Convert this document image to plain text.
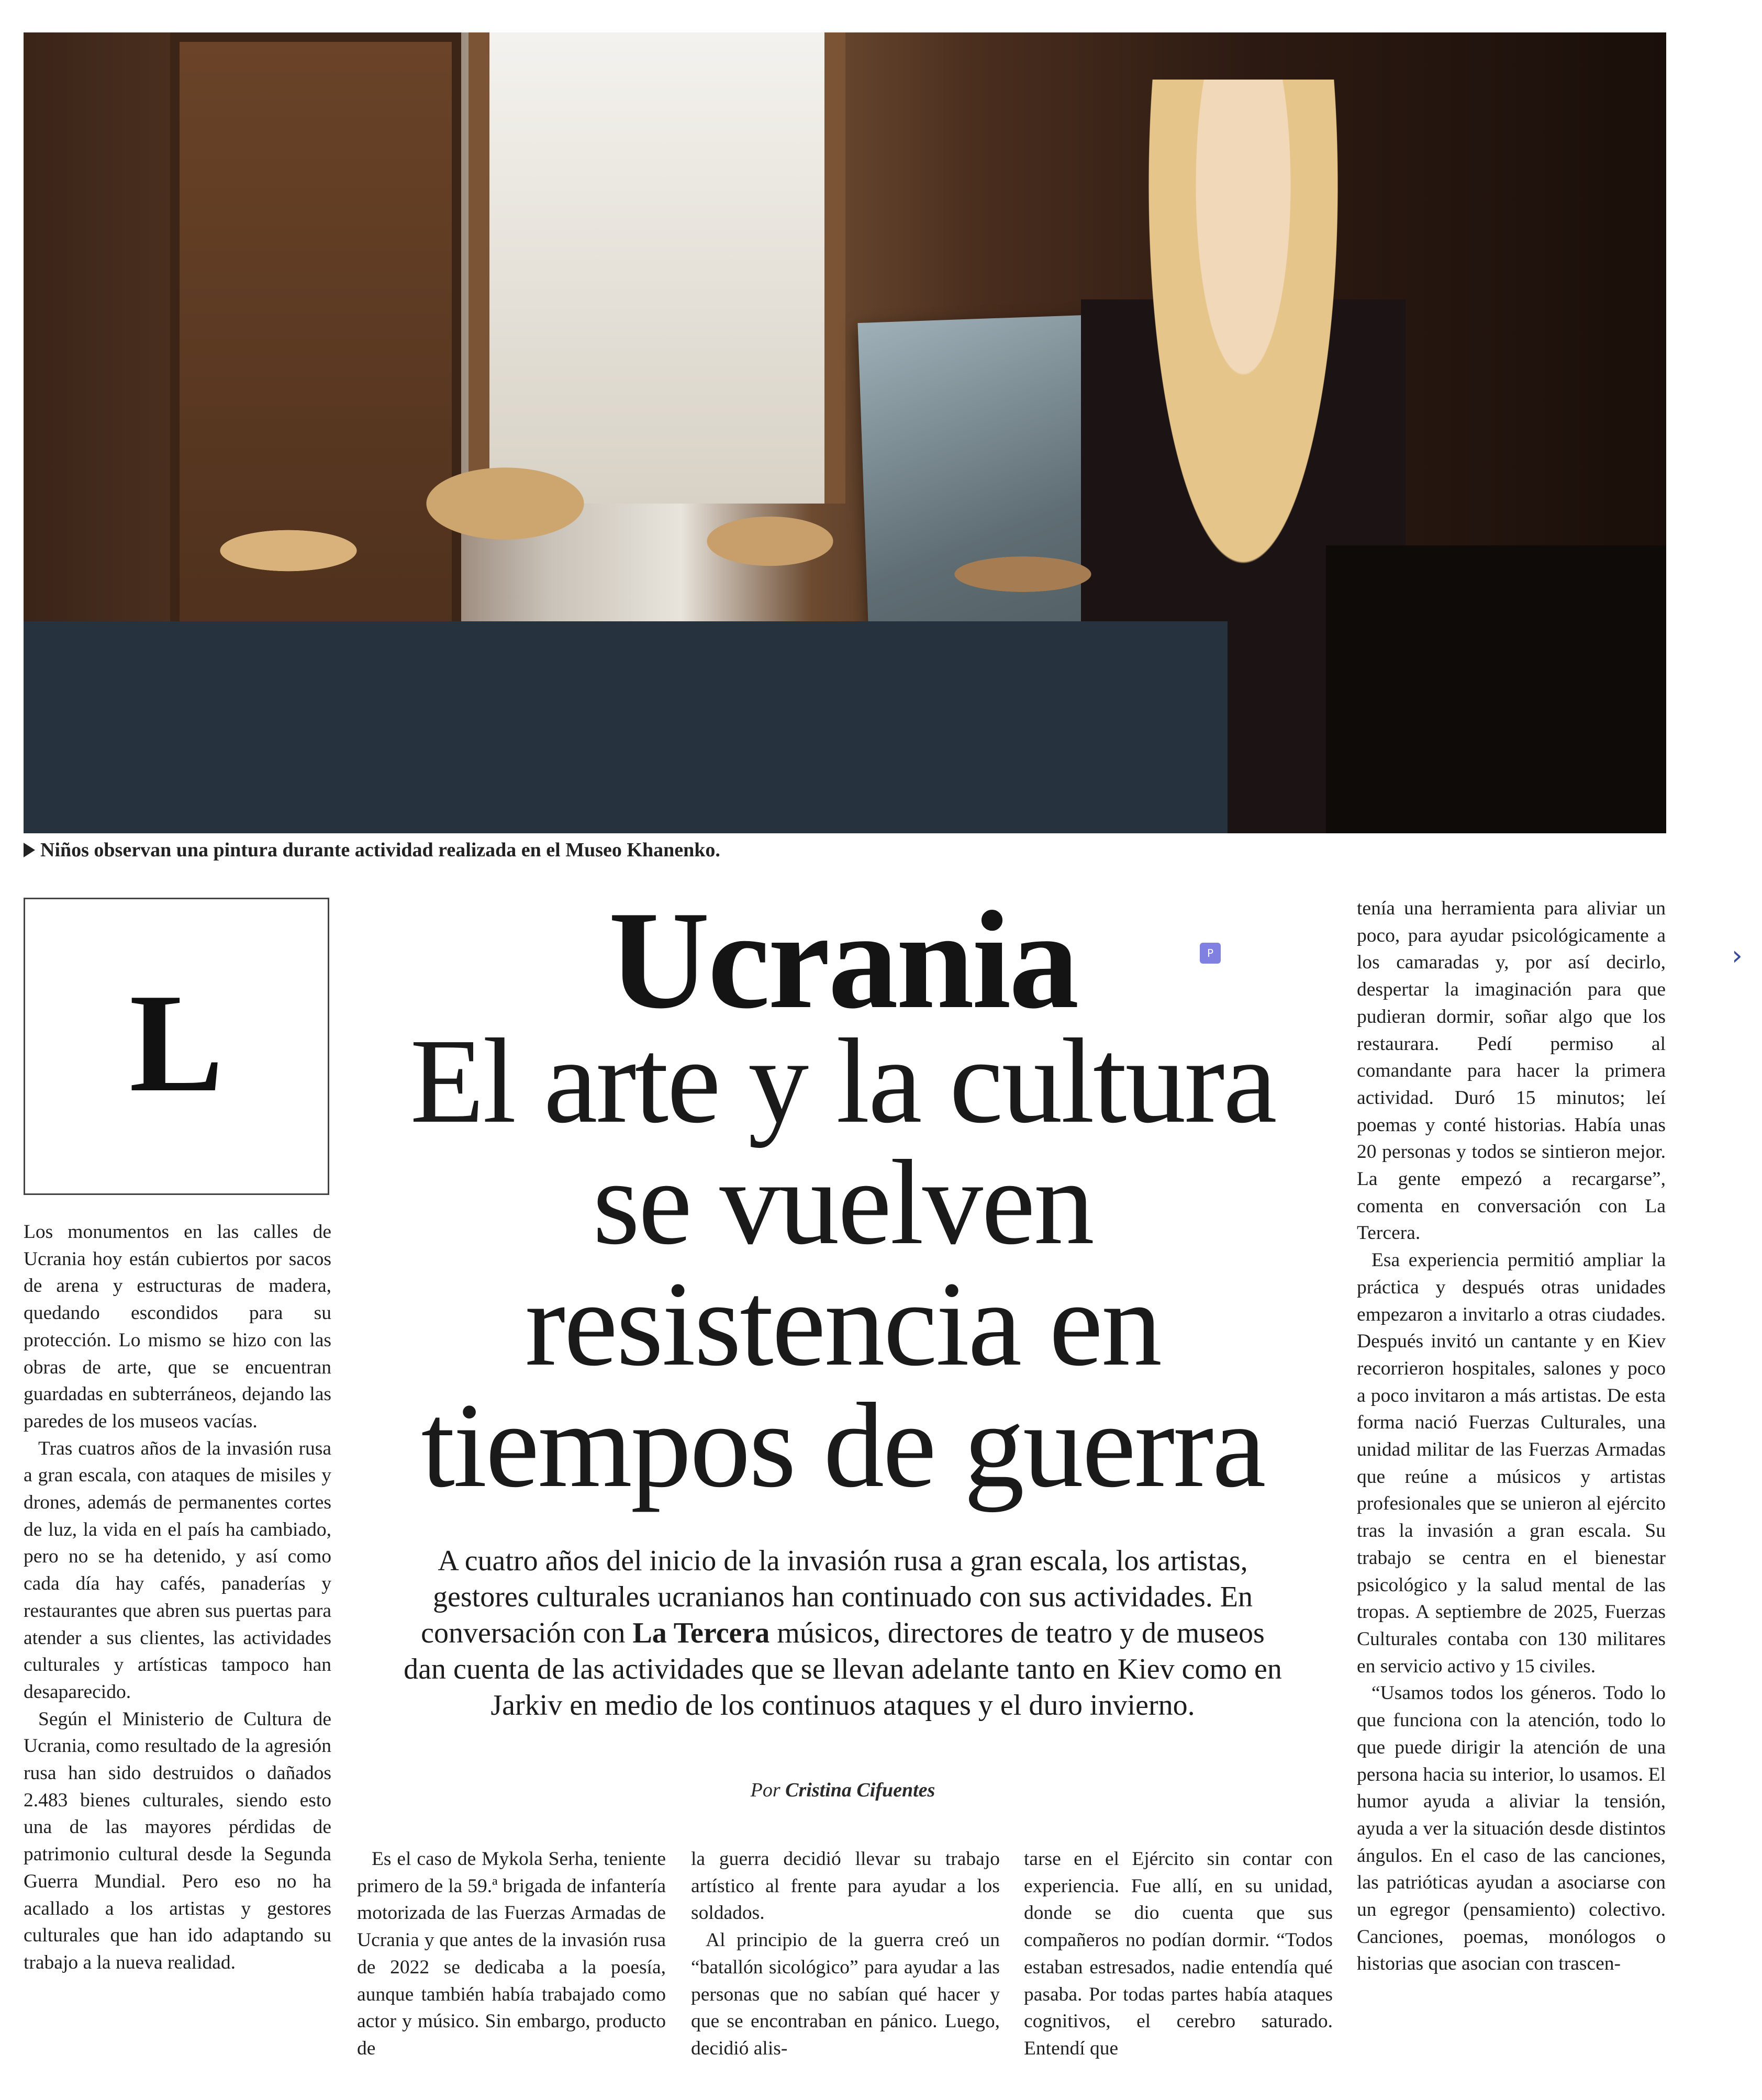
Niños observan una pintura durante actividad realizada en el Museo Khanenko.
›
L
Ucrania	P
El arte y la cultura
se vuelven
resistencia en
tiempos de guerra
A cuatro años del inicio de la invasión rusa a gran escala, los artistas, gestores culturales ucranianos han continuado con sus actividades. En conversación con La Tercera músicos, directores de teatro y de museos dan cuenta de las actividades que se llevan adelante tanto en Kiev como en Jarkiv en medio de los continuos ataques y el duro invierno.
Por Cristina Cifuentes

Los monumentos en las calles de Ucrania hoy están cubiertos por sacos de arena y estructuras de madera, quedando escondidos para su protección. Lo mismo se hizo con las obras de arte, que se encuentran guardadas en subterráneos, dejando las paredes de los museos vacías.

Tras cuatros años de la invasión rusa a gran escala, con ataques de misiles y drones, además de permanentes cortes de luz, la vida en el país ha cambiado, pero no se ha detenido, y así como cada día hay cafés, panaderías y restaurantes que abren sus puertas para atender a sus clientes, las actividades culturales y artísticas tampoco han desaparecido.

Según el Ministerio de Cultura de Ucrania, como resultado de la agresión rusa han sido destruidos o dañados 2.483 bienes culturales, siendo esto una de las mayores pérdidas de patrimonio cultural desde la Segunda Guerra Mundial. Pero eso no ha acallado a los artistas y gestores culturales que han ido adaptando su trabajo a la nueva realidad.

Es el caso de Mykola Serha, teniente primero de la 59.ª brigada de infantería motorizada de las Fuerzas Armadas de Ucrania y que antes de la invasión rusa de 2022 se dedicaba a la poesía, aunque también había trabajado como actor y músico. Sin embargo, producto de

la guerra decidió llevar su trabajo artístico al frente para ayudar a los soldados.

Al principio de la guerra creó un “batallón sicológico” para ayudar a las personas que no sabían qué hacer y que se encontraban en pánico. Luego, decidió alis-

tarse en el Ejército sin contar con experiencia. Fue allí, en su unidad, donde se dio cuenta que sus compañeros no podían dormir. “Todos estaban estresados, nadie entendía qué pasaba. Por todas partes había ataques cognitivos, el cerebro saturado. Entendí que

tenía una herramienta para aliviar un poco, para ayudar psicológicamente a los camaradas y, por así decirlo, despertar la imaginación para que pudieran dormir, soñar algo que los restaurara. Pedí permiso al comandante para hacer la primera actividad. Duró 15 minutos; leí poemas y conté historias. Había unas 20 personas y todos se sintieron mejor. La gente empezó a recargarse”, comenta en conversación con La Tercera.

Esa experiencia permitió ampliar la práctica y después otras unidades empezaron a invitarlo a otras ciudades. Después invitó un cantante y en Kiev recorrieron hospitales, salones y poco a poco invitaron a más artistas. De esta forma nació Fuerzas Culturales, una unidad militar de las Fuerzas Armadas que reúne a músicos y artistas profesionales que se unieron al ejército tras la invasión a gran escala. Su trabajo se centra en el bienestar psicológico y la salud mental de las tropas. A septiembre de 2025, Fuerzas Culturales contaba con 130 militares en servicio activo y 15 civiles.

“Usamos todos los géneros. Todo lo que funciona con la atención, todo lo que puede dirigir la atención de una persona hacia su interior, lo usamos. El humor ayuda a aliviar la tensión, ayuda a ver la situación desde distintos ángulos. En el caso de las canciones, las patrióticas ayudan a asociarse con un egregor (pensamiento) colectivo. Canciones, poemas, monólogos o historias que asocian con trascen-
